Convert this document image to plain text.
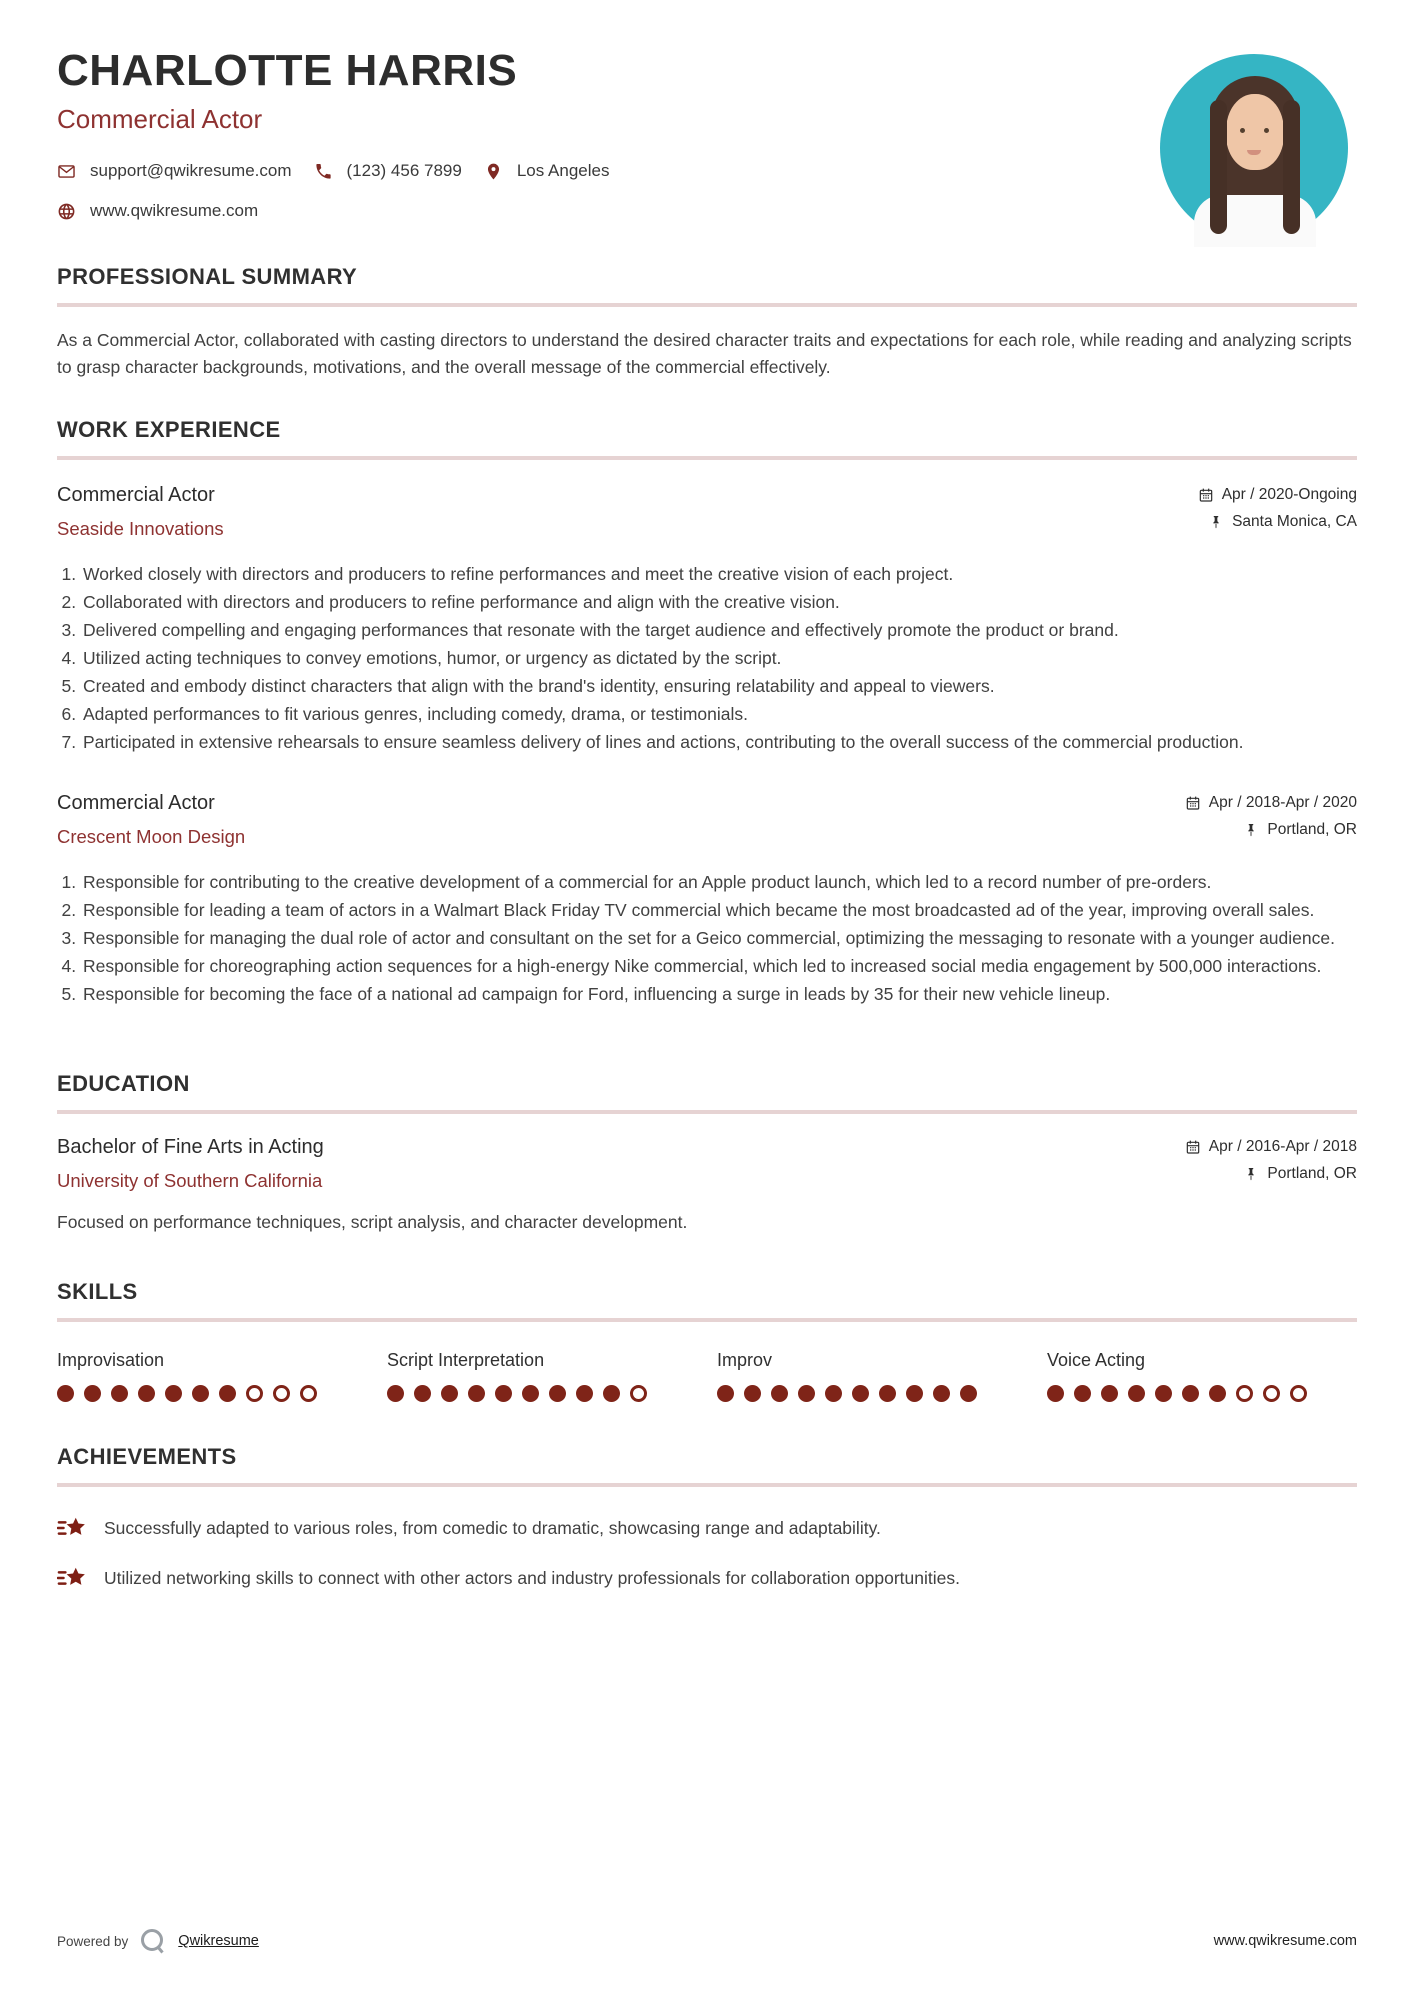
CHARLOTTE HARRIS
Commercial Actor
support@qwikresume.com	(123) 456 7899	Los Angeles
www.qwikresume.com
PROFESSIONAL SUMMARY

As a Commercial Actor, collaborated with casting directors to understand the desired character traits and expectations for each role, while reading and analyzing scripts to grasp character backgrounds, motivations, and the overall message of the commercial effectively.

WORK EXPERIENCE
Commercial Actor
Seaside Innovations
Apr / 2020-Ongoing
Santa Monica, CA
1. Worked closely with directors and producers to refine performances and meet the creative vision of each project.
2. Collaborated with directors and producers to refine performance and align with the creative vision.
3. Delivered compelling and engaging performances that resonate with the target audience and effectively promote the product or brand.
4. Utilized acting techniques to convey emotions, humor, or urgency as dictated by the script.
5. Created and embody distinct characters that align with the brand's identity, ensuring relatability and appeal to viewers.
6. Adapted performances to fit various genres, including comedy, drama, or testimonials.
7. Participated in extensive rehearsals to ensure seamless delivery of lines and actions, contributing to the overall success of the commercial production.
Commercial Actor
Crescent Moon Design
Apr / 2018-Apr / 2020
Portland, OR
1. Responsible for contributing to the creative development of a commercial for an Apple product launch, which led to a record number of pre-orders.
2. Responsible for leading a team of actors in a Walmart Black Friday TV commercial which became the most broadcasted ad of the year, improving overall sales.
3. Responsible for managing the dual role of actor and consultant on the set for a Geico commercial, optimizing the messaging to resonate with a younger audience.
4. Responsible for choreographing action sequences for a high-energy Nike commercial, which led to increased social media engagement by 500,000 interactions.
5. Responsible for becoming the face of a national ad campaign for Ford, influencing a surge in leads by 35 for their new vehicle lineup.
EDUCATION
Bachelor of Fine Arts in Acting
University of Southern California
Apr / 2016-Apr / 2018
Portland, OR

Focused on performance techniques, script analysis, and character development.

SKILLS
Improvisation	Script Interpretation	Improv	Voice Acting
ACHIEVEMENTS
Successfully adapted to various roles, from comedic to dramatic, showcasing range and adaptability.
Utilized networking skills to connect with other actors and industry professionals for collaboration opportunities.
Powered by	Qwikresume	www.qwikresume.com
